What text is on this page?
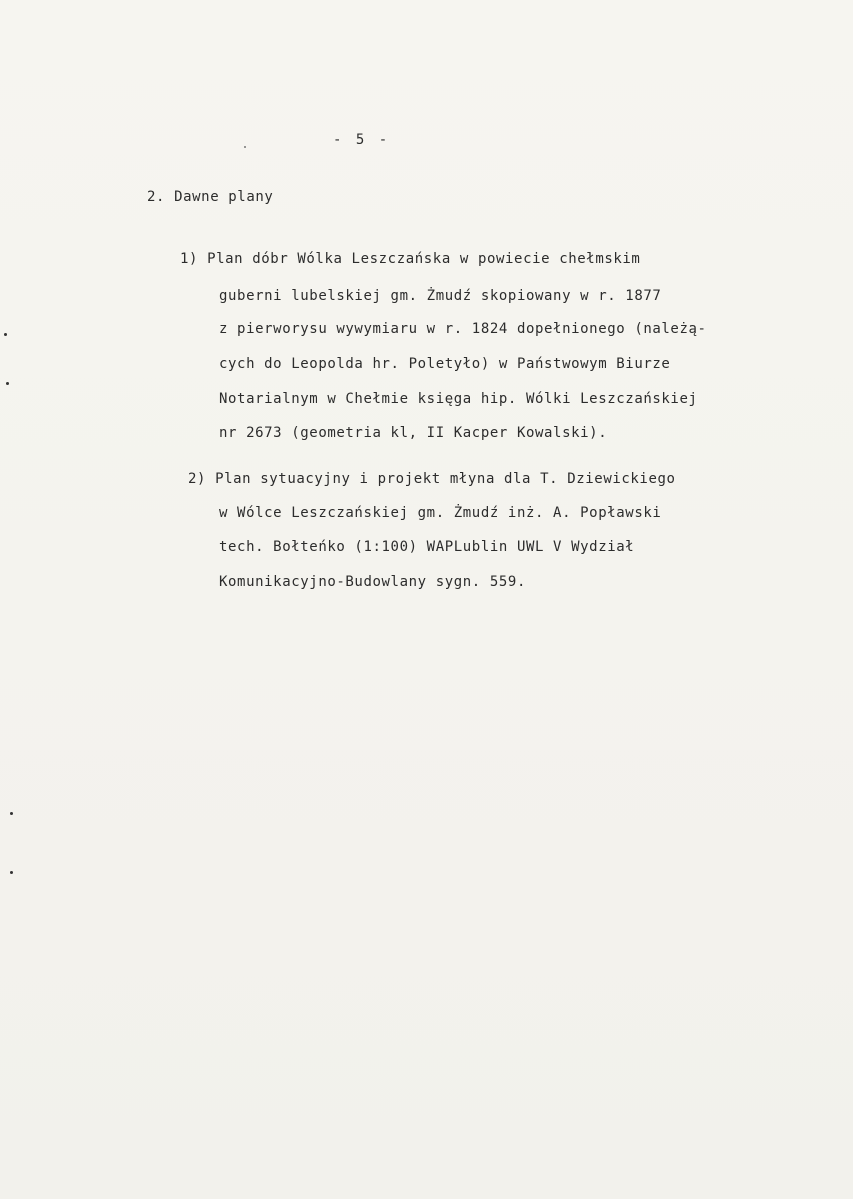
- 5 -
2. Dawne plany
1) Plan dóbr Wólka Leszczańska w powiecie chełmskim
guberni lubelskiej gm. Żmudź skopiowany w r. 1877
z pierworysu wywymiaru w r. 1824 dopełnionego (należą-
cych do Leopolda hr. Poletyło) w Państwowym Biurze
Notarialnym w Chełmie księga hip. Wólki Leszczańskiej
nr 2673 (geometria kl, II Kacper Kowalski).
2) Plan sytuacyjny i projekt młyna dla T. Dziewickiego
w Wólce Leszczańskiej gm. Żmudź inż. A. Popławski
tech. Bołteńko (1:100) WAPLublin UWL V Wydział
Komunikacyjno-Budowlany sygn. 559.
